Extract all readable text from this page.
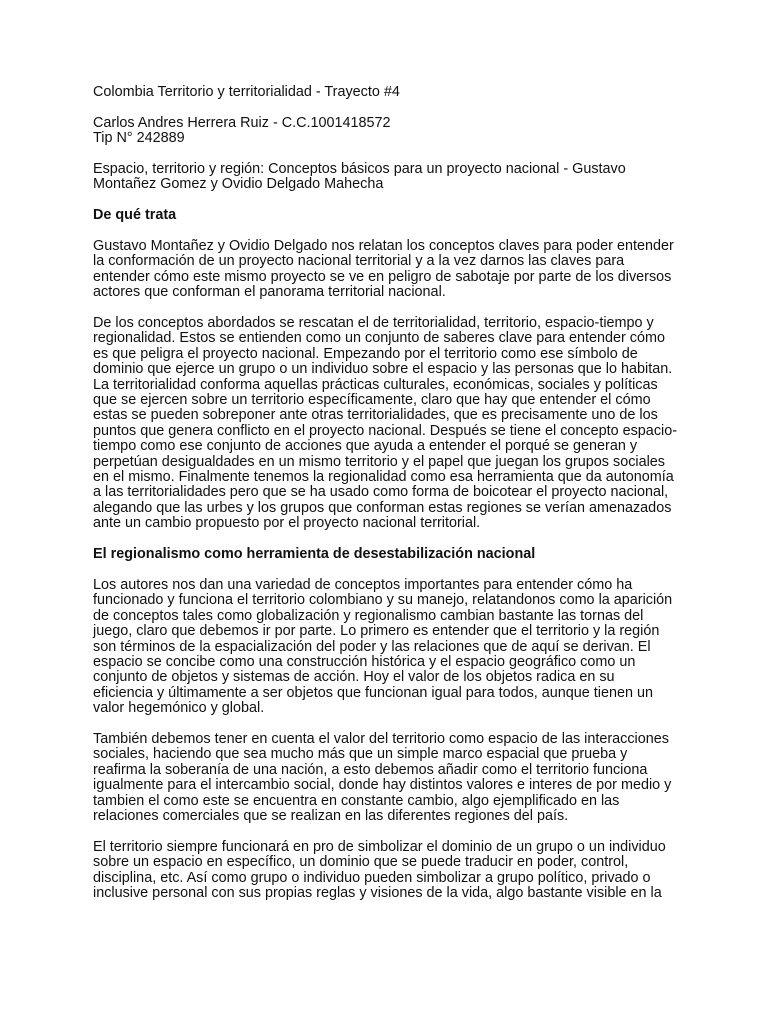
Colombia Territorio y territorialidad - Trayecto #4

Carlos Andres Herrera Ruiz - C.C.1001418572

Tip N° 242889

Espacio, territorio y región: Conceptos básicos para un proyecto nacional - Gustavo Montañez Gomez y Ovidio Delgado Mahecha

De qué trata

Gustavo Montañez y Ovidio Delgado nos relatan los conceptos claves para poder entender la conformación de un proyecto nacional territorial y a la vez darnos las claves para entender cómo este mismo proyecto se ve en peligro de sabotaje por parte de los diversos actores que conforman el panorama territorial nacional.

De los conceptos abordados se rescatan el de territorialidad, territorio, espacio-tiempo y regionalidad. Estos se entienden como un conjunto de saberes clave para entender cómo es que peligra el proyecto nacional. Empezando por el territorio como ese símbolo de dominio que ejerce un grupo o un individuo sobre el espacio y las personas que lo habitan. La territorialidad conforma aquellas prácticas culturales, económicas, sociales y políticas que se ejercen sobre un territorio específicamente, claro que hay que entender el cómo estas se pueden sobreponer ante otras territorialidades, que es precisamente uno de los puntos que genera conflicto en el proyecto nacional. Después se tiene el concepto espacio-tiempo como ese conjunto de acciones que ayuda a entender el porqué se generan y perpetúan desigualdades en un mismo territorio y el papel que juegan los grupos sociales en el mismo. Finalmente tenemos la regionalidad como esa herramienta que da autonomía a las territorialidades pero que se ha usado como forma de boicotear el proyecto nacional, alegando que las urbes y los grupos que conforman estas regiones se verían amenazados ante un cambio propuesto por el proyecto nacional territorial.

El regionalismo como herramienta de desestabilización nacional

Los autores nos dan una variedad de conceptos importantes para entender cómo ha funcionado y funciona el territorio colombiano y su manejo, relatandonos como la aparición de conceptos tales como globalización y regionalismo cambian bastante las tornas del juego, claro que debemos ir por parte. Lo primero es entender que el territorio y la región son términos de la espacialización del poder y las relaciones que de aquí se derivan. El espacio se concibe como una construcción histórica y el espacio geográfico como un conjunto de objetos y sistemas de acción. Hoy el valor de los objetos radica en su eficiencia y últimamente a ser objetos que funcionan igual para todos, aunque tienen un valor hegemónico y global.

También debemos tener en cuenta el valor del territorio como espacio de las interacciones sociales, haciendo que sea mucho más que un simple marco espacial que prueba y reafirma la soberanía de una nación, a esto debemos añadir como el territorio funciona igualmente para el intercambio social, donde hay distintos valores e interes de por medio y tambien el como este se encuentra en constante cambio, algo ejemplificado en las relaciones comerciales que se realizan en las diferentes regiones del país.

El territorio siempre funcionará en pro de simbolizar el dominio de un grupo o un individuo sobre un espacio en específico, un dominio que se puede traducir en poder, control, disciplina, etc. Así como grupo o individuo pueden simbolizar a grupo político, privado o inclusive personal con sus propias reglas y visiones de la vida, algo bastante visible en la
